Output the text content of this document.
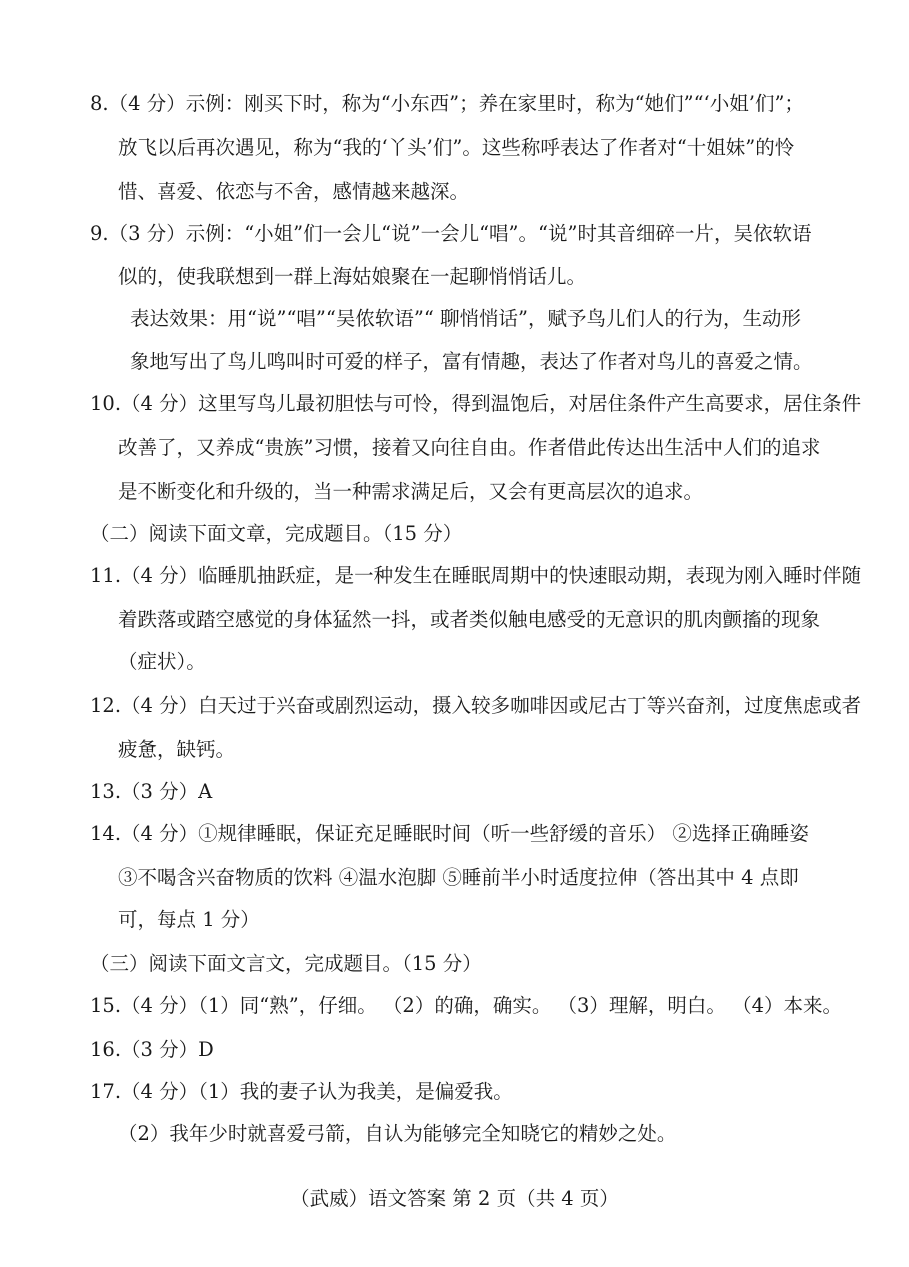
8.（4 分）示例：刚买下时，称为“小东西”；养在家里时，称为“她们”“‘小姐’们”；
放飞以后再次遇见，称为“我的‘丫头’们”。这些称呼表达了作者对“十姐妹”的怜
惜、喜爱、依恋与不舍，感情越来越深。
9.（3 分）示例：“小姐”们一会儿“说”一会儿“唱”。“说”时其音细碎一片，吴依软语
似的，使我联想到一群上海姑娘聚在一起聊悄悄话儿。
表达效果：用“说”“唱”“吴侬软语”“ 聊悄悄话”，赋予鸟儿们人的行为，生动形
象地写出了鸟儿鸣叫时可爱的样子，富有情趣，表达了作者对鸟儿的喜爱之情。
10.（4 分）这里写鸟儿最初胆怯与可怜，得到温饱后，对居住条件产生高要求，居住条件
改善了，又养成“贵族”习惯，接着又向往自由。作者借此传达出生活中人们的追求
是不断变化和升级的，当一种需求满足后，又会有更高层次的追求。
（二）阅读下面文章，完成题目。（15 分）
11.（4 分）临睡肌抽跃症，是一种发生在睡眠周期中的快速眼动期，表现为刚入睡时伴随
着跌落或踏空感觉的身体猛然一抖，或者类似触电感受的无意识的肌肉颤搐的现象
（症状）。
12.（4 分）白天过于兴奋或剧烈运动，摄入较多咖啡因或尼古丁等兴奋剂，过度焦虑或者
疲惫，缺钙。
13.（3 分）A
14.（4 分）①规律睡眠，保证充足睡眠时间（听一些舒缓的音乐） ②选择正确睡姿
③不喝含兴奋物质的饮料 ④温水泡脚 ⑤睡前半小时适度拉伸（答出其中 4 点即
可，每点 1 分）
（三）阅读下面文言文，完成题目。（15 分）
15.（4 分）（1）同“熟”，仔细。 （2）的确，确实。 （3）理解，明白。 （4）本来。
16.（3 分）D
17.（4 分）（1）我的妻子认为我美，是偏爱我。
（2）我年少时就喜爱弓箭，自认为能够完全知晓它的精妙之处。
（武威）语文答案 第 2 页（共 4 页）
